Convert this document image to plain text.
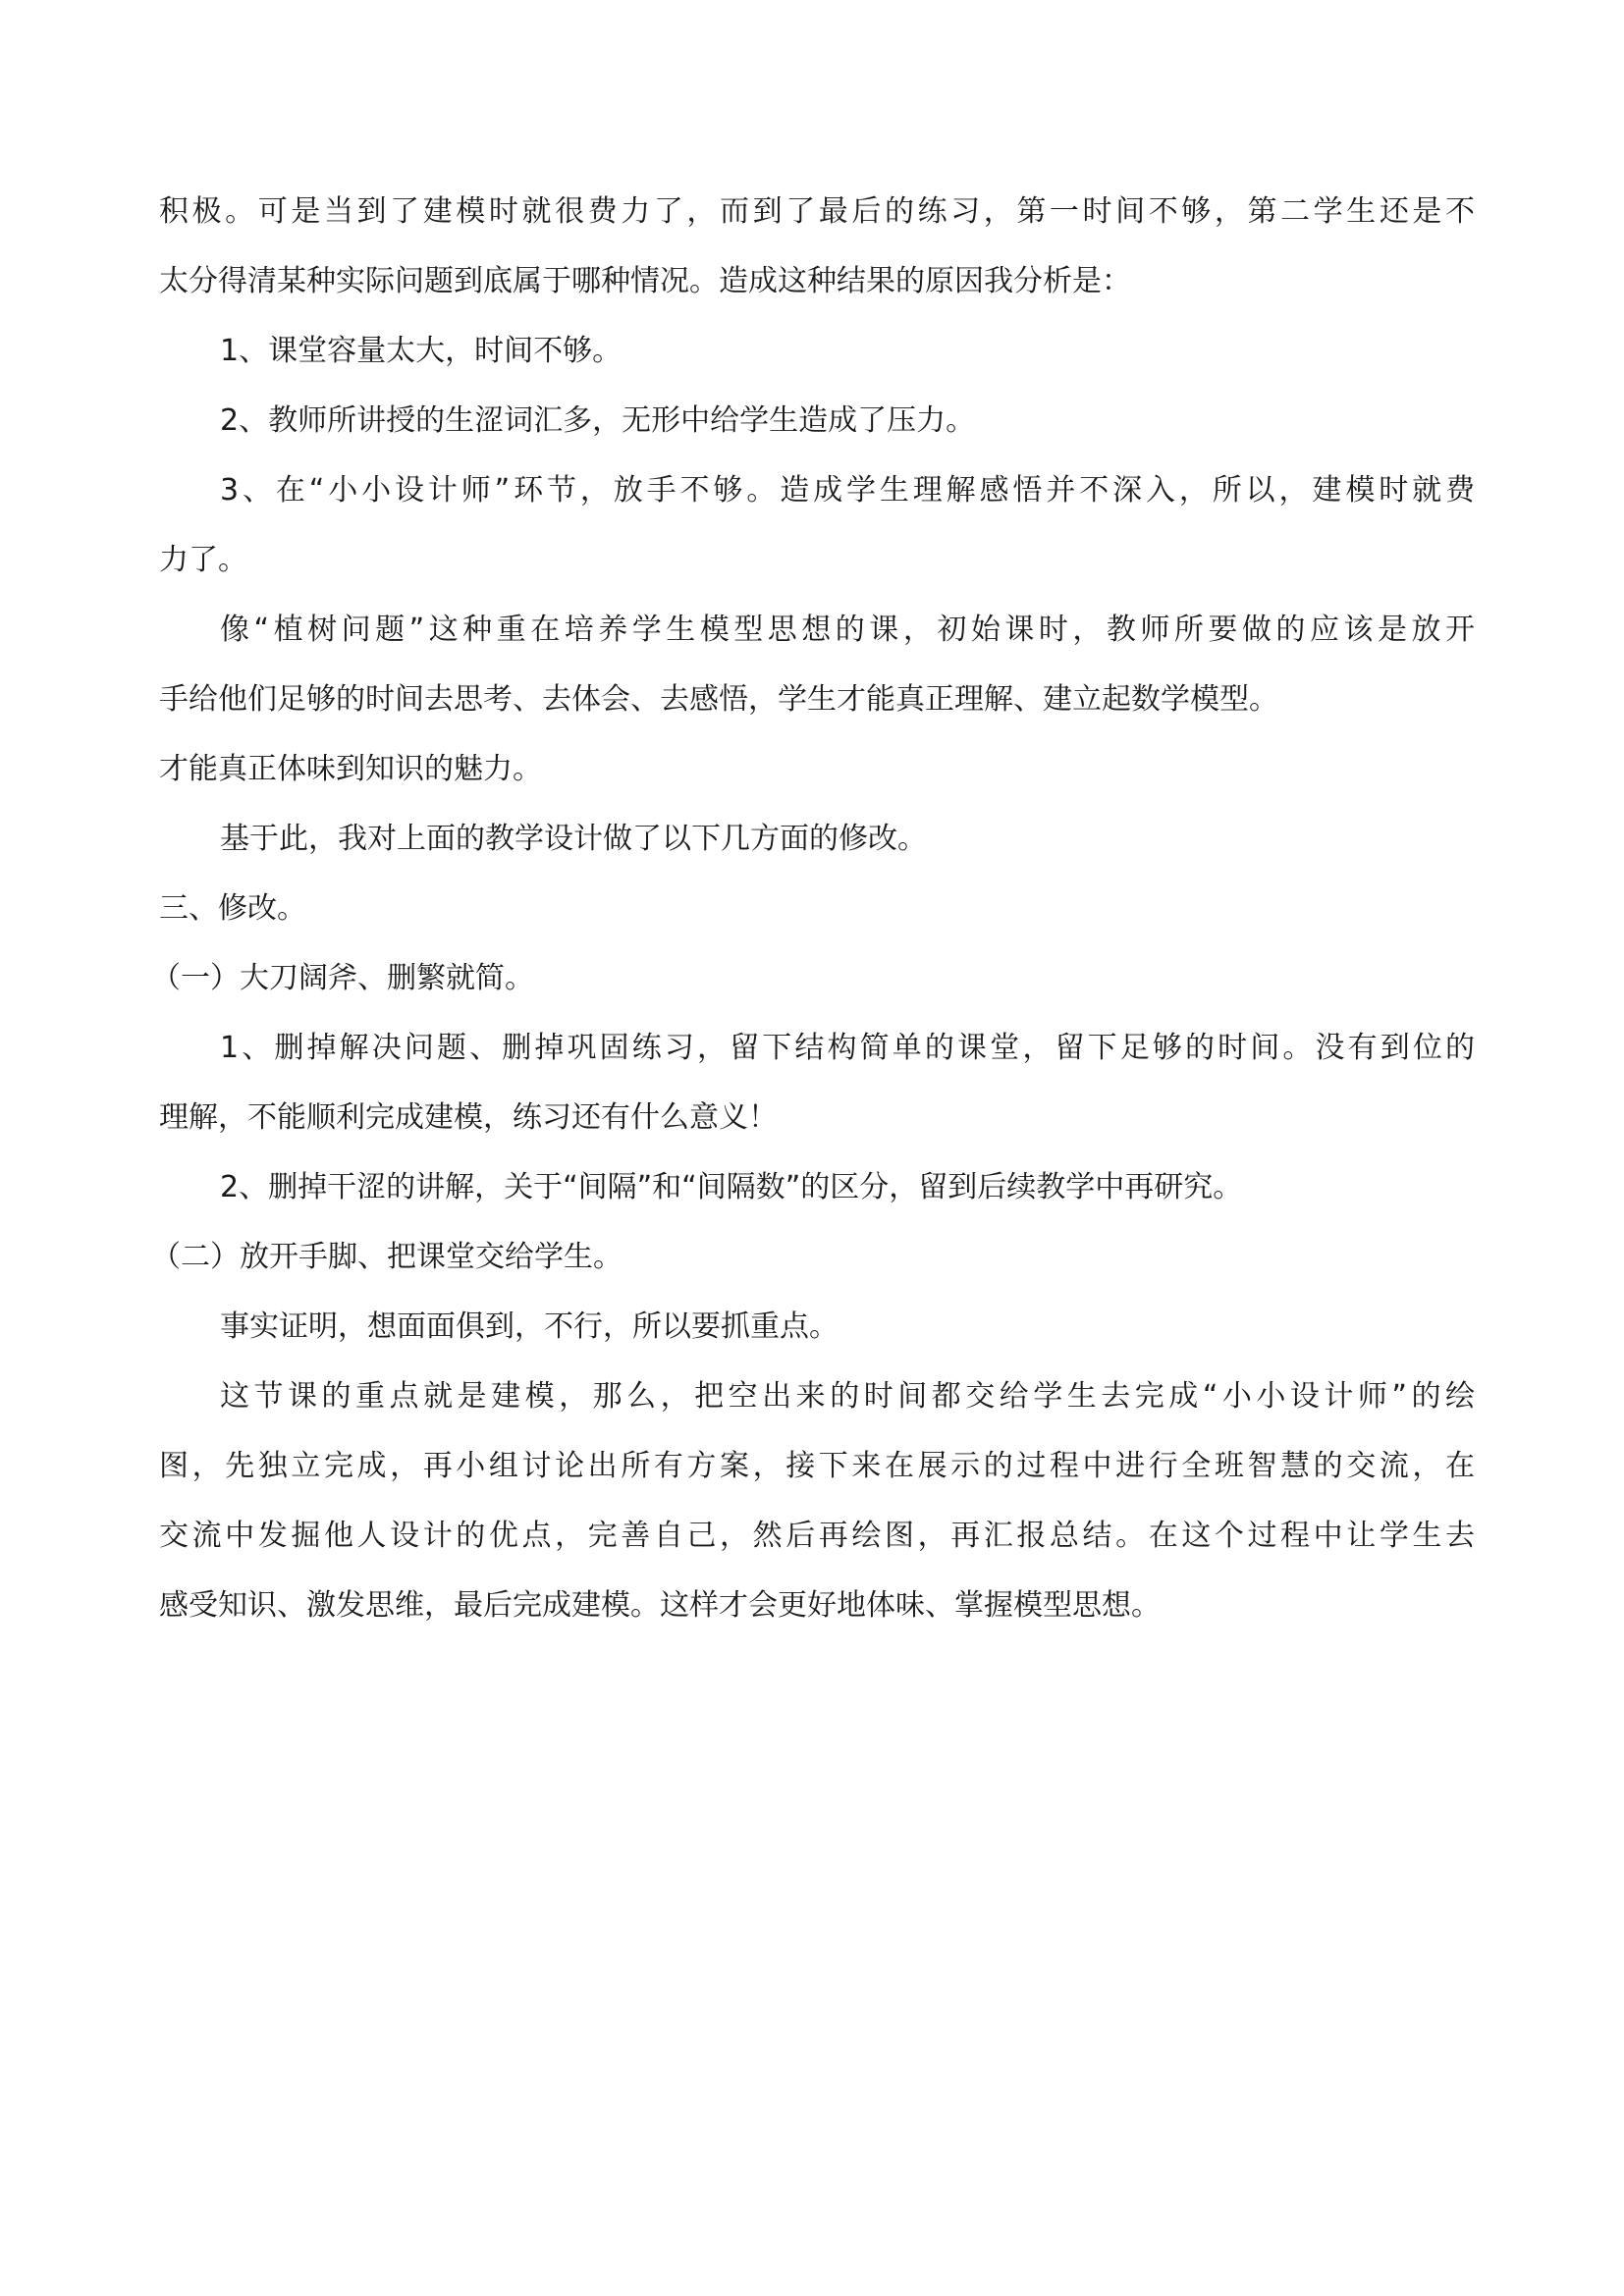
积极。可是当到了建模时就很费力了，而到了最后的练习，第一时间不够，第二学生还是不
太分得清某种实际问题到底属于哪种情况。造成这种结果的原因我分析是：
1、课堂容量太大，时间不够。
2、教师所讲授的生涩词汇多，无形中给学生造成了压力。
3、在“小小设计师”环节，放手不够。造成学生理解感悟并不深入，所以，建模时就费
力了。
像“植树问题”这种重在培养学生模型思想的课，初始课时，教师所要做的应该是放开
手给他们足够的时间去思考、去体会、去感悟，学生才能真正理解、建立起数学模型。
才能真正体味到知识的魅力。
基于此，我对上面的教学设计做了以下几方面的修改。
三、修改。
（一）大刀阔斧、删繁就简。
1、删掉解决问题、删掉巩固练习，留下结构简单的课堂，留下足够的时间。没有到位的
理解，不能顺利完成建模，练习还有什么意义！
2、删掉干涩的讲解，关于“间隔”和“间隔数”的区分，留到后续教学中再研究。
（二）放开手脚、把课堂交给学生。
事实证明，想面面俱到，不行，所以要抓重点。
这节课的重点就是建模，那么，把空出来的时间都交给学生去完成“小小设计师”的绘
图，先独立完成，再小组讨论出所有方案，接下来在展示的过程中进行全班智慧的交流，在
交流中发掘他人设计的优点，完善自己，然后再绘图，再汇报总结。在这个过程中让学生去
感受知识、激发思维，最后完成建模。这样才会更好地体味、掌握模型思想。
